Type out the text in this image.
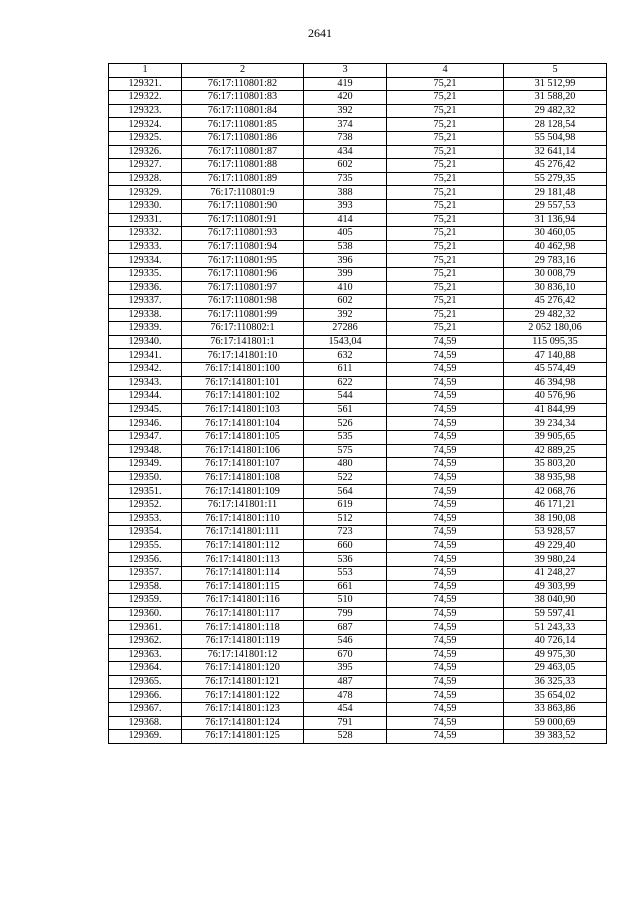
2641
1	2	3	4	5
129321.	76:17:110801:82	419	75,21	31 512,99
129322.	76:17:110801:83	420	75,21	31 588,20
129323.	76:17:110801:84	392	75,21	29 482,32
129324.	76:17:110801:85	374	75,21	28 128,54
129325.	76:17:110801:86	738	75,21	55 504,98
129326.	76:17:110801:87	434	75,21	32 641,14
129327.	76:17:110801:88	602	75,21	45 276,42
129328.	76:17:110801:89	735	75,21	55 279,35
129329.	76:17:110801:9	388	75,21	29 181,48
129330.	76:17:110801:90	393	75,21	29 557,53
129331.	76:17:110801:91	414	75,21	31 136,94
129332.	76:17:110801:93	405	75,21	30 460,05
129333.	76:17:110801:94	538	75,21	40 462,98
129334.	76:17:110801:95	396	75,21	29 783,16
129335.	76:17:110801:96	399	75,21	30 008,79
129336.	76:17:110801:97	410	75,21	30 836,10
129337.	76:17:110801:98	602	75,21	45 276,42
129338.	76:17:110801:99	392	75,21	29 482,32
129339.	76:17:110802:1	27286	75,21	2 052 180,06
129340.	76:17:141801:1	1543,04	74,59	115 095,35
129341.	76:17:141801:10	632	74,59	47 140,88
129342.	76:17:141801:100	611	74,59	45 574,49
129343.	76:17:141801:101	622	74,59	46 394,98
129344.	76:17:141801:102	544	74,59	40 576,96
129345.	76:17:141801:103	561	74,59	41 844,99
129346.	76:17:141801:104	526	74,59	39 234,34
129347.	76:17:141801:105	535	74,59	39 905,65
129348.	76:17:141801:106	575	74,59	42 889,25
129349.	76:17:141801:107	480	74,59	35 803,20
129350.	76:17:141801:108	522	74,59	38 935,98
129351.	76:17:141801:109	564	74,59	42 068,76
129352.	76:17:141801:11	619	74,59	46 171,21
129353.	76:17:141801:110	512	74,59	38 190,08
129354.	76:17:141801:111	723	74,59	53 928,57
129355.	76:17:141801:112	660	74,59	49 229,40
129356.	76:17:141801:113	536	74,59	39 980,24
129357.	76:17:141801:114	553	74,59	41 248,27
129358.	76:17:141801:115	661	74,59	49 303,99
129359.	76:17:141801:116	510	74,59	38 040,90
129360.	76:17:141801:117	799	74,59	59 597,41
129361.	76:17:141801:118	687	74,59	51 243,33
129362.	76:17:141801:119	546	74,59	40 726,14
129363.	76:17:141801:12	670	74,59	49 975,30
129364.	76:17:141801:120	395	74,59	29 463,05
129365.	76:17:141801:121	487	74,59	36 325,33
129366.	76:17:141801:122	478	74,59	35 654,02
129367.	76:17:141801:123	454	74,59	33 863,86
129368.	76:17:141801:124	791	74,59	59 000,69
129369.	76:17:141801:125	528	74,59	39 383,52
